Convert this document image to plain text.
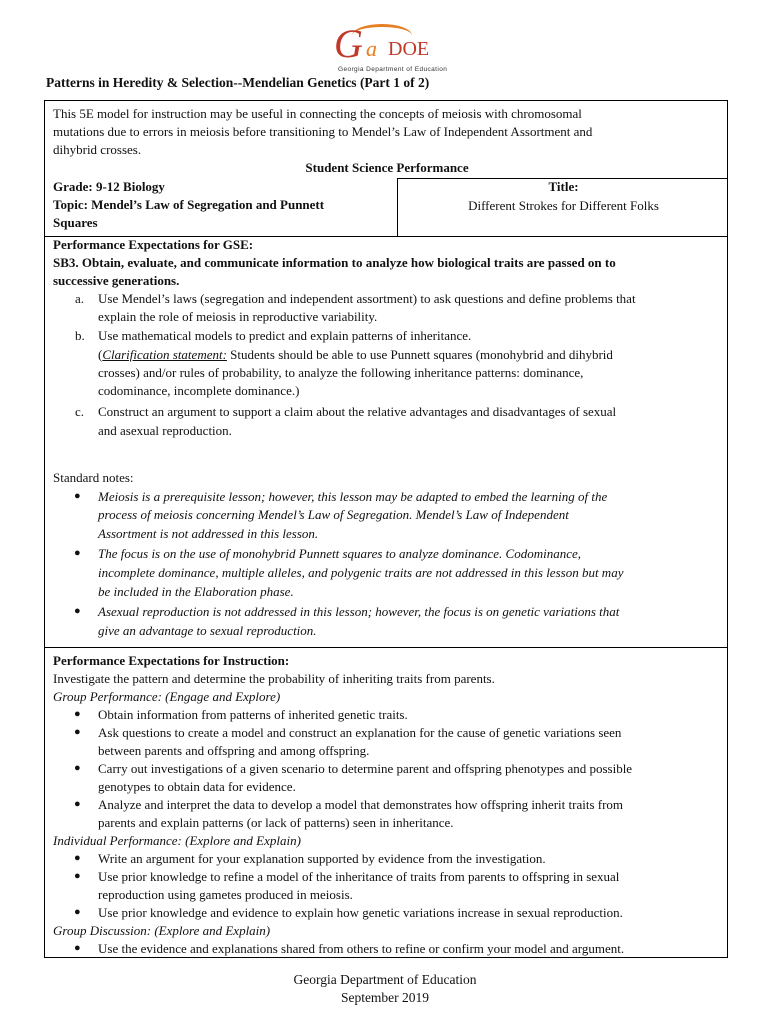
G a DOE
Georgia Department of Education
Patterns in Heredity & Selection--Mendelian Genetics (Part 1 of 2)
This 5E model for instruction may be useful in connecting the concepts of meiosis with chromosomal
mutations due to errors in meiosis before transitioning to Mendel’s Law of Independent Assortment and
dihybrid crosses.
Student Science Performance
Grade: 9-12 Biology
Topic: Mendel’s Law of Segregation and Punnett
Squares
Title:
Different Strokes for Different Folks
Performance Expectations for GSE:
SB3. Obtain, evaluate, and communicate information to analyze how biological traits are passed on to
successive generations.
a. Use Mendel’s laws (segregation and independent assortment) to ask questions and define problems that
explain the role of meiosis in reproductive variability.
b. Use mathematical models to predict and explain patterns of inheritance.
(Clarification statement: Students should be able to use Punnett squares (monohybrid and dihybrid
crosses) and/or rules of probability, to analyze the following inheritance patterns: dominance,
codominance, incomplete dominance.)
c. Construct an argument to support a claim about the relative advantages and disadvantages of sexual
and asexual reproduction.
Standard notes:
● Meiosis is a prerequisite lesson; however, this lesson may be adapted to embed the learning of the
process of meiosis concerning Mendel’s Law of Segregation. Mendel’s Law of Independent
Assortment is not addressed in this lesson.
● The focus is on the use of monohybrid Punnett squares to analyze dominance. Codominance,
incomplete dominance, multiple alleles, and polygenic traits are not addressed in this lesson but may
be included in the Elaboration phase.
● Asexual reproduction is not addressed in this lesson; however, the focus is on genetic variations that
give an advantage to sexual reproduction.
Performance Expectations for Instruction:
Investigate the pattern and determine the probability of inheriting traits from parents.
Group Performance: (Engage and Explore)
● Obtain information from patterns of inherited genetic traits.
● Ask questions to create a model and construct an explanation for the cause of genetic variations seen
between parents and offspring and among offspring.
● Carry out investigations of a given scenario to determine parent and offspring phenotypes and possible
genotypes to obtain data for evidence.
● Analyze and interpret the data to develop a model that demonstrates how offspring inherit traits from
parents and explain patterns (or lack of patterns) seen in inheritance.
Individual Performance: (Explore and Explain)
● Write an argument for your explanation supported by evidence from the investigation.
● Use prior knowledge to refine a model of the inheritance of traits from parents to offspring in sexual
reproduction using gametes produced in meiosis.
● Use prior knowledge and evidence to explain how genetic variations increase in sexual reproduction.
Group Discussion: (Explore and Explain)
● Use the evidence and explanations shared from others to refine or confirm your model and argument.
Georgia Department of Education
September 2019
